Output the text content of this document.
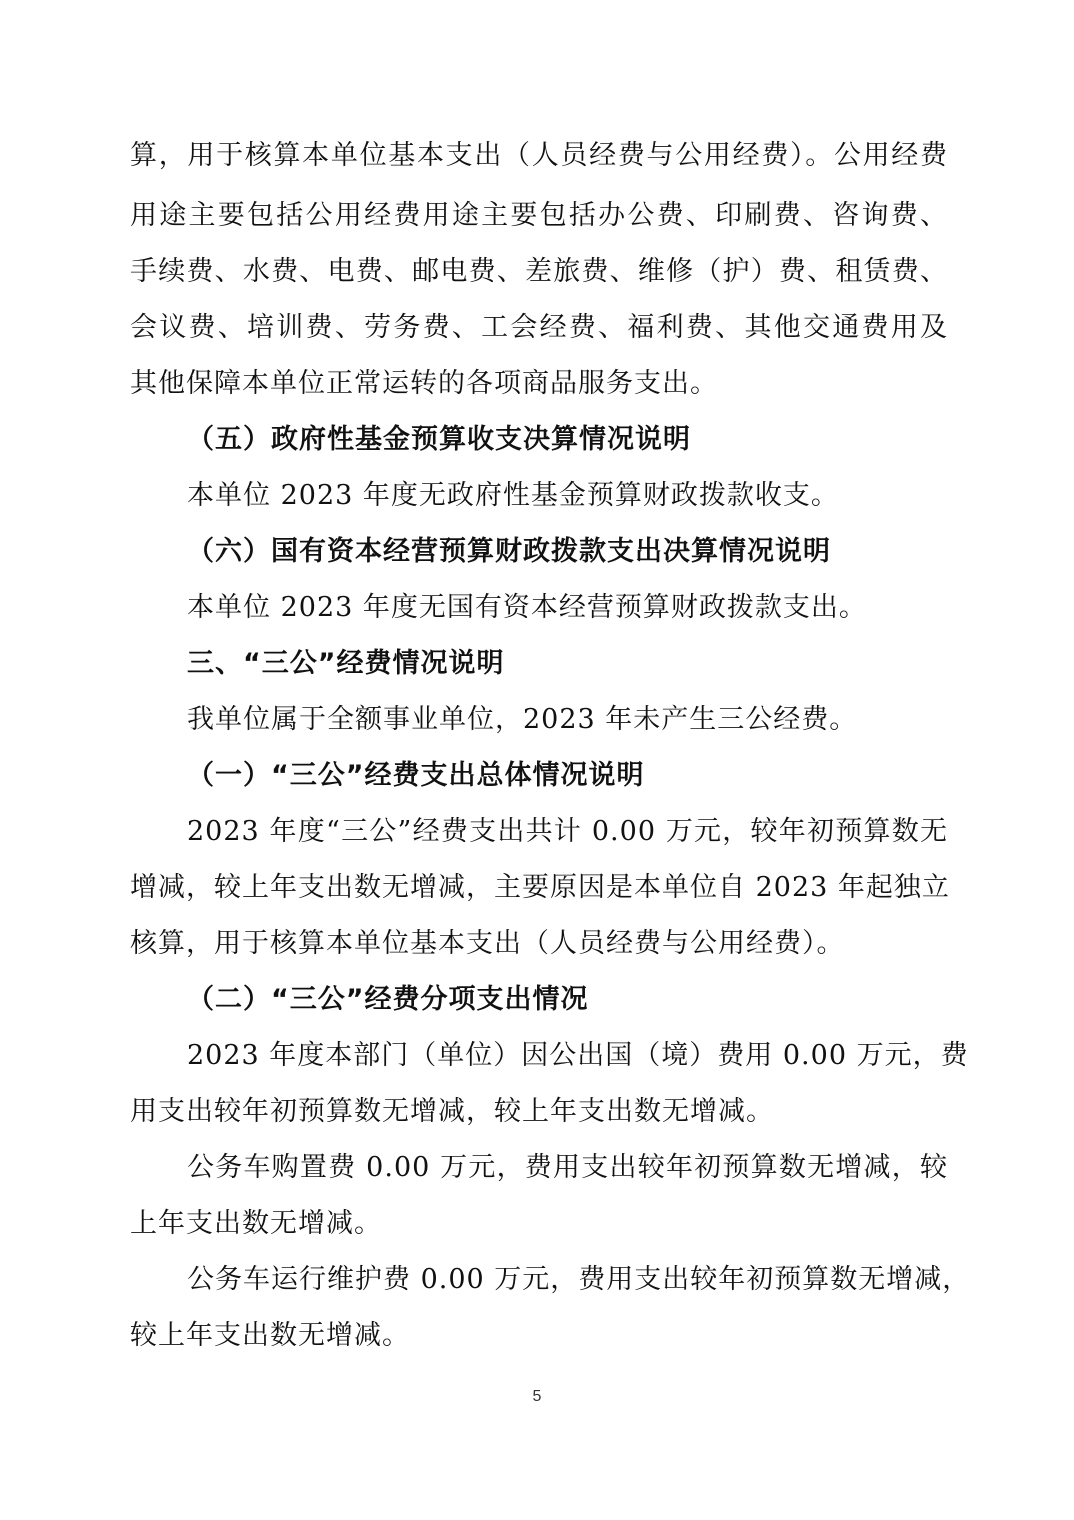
算，用于核算本单位基本支出（人员经费与公用经费）。公用经费
用途主要包括公用经费用途主要包括办公费、印刷费、咨询费、
手续费、水费、电费、邮电费、差旅费、维修（护）费、租赁费、
会议费、培训费、劳务费、工会经费、福利费、其他交通费用及
其他保障本单位正常运转的各项商品服务支出。
（五）政府性基金预算收支决算情况说明
本单位 2023 年度无政府性基金预算财政拨款收支。
（六）国有资本经营预算财政拨款支出决算情况说明
本单位 2023 年度无国有资本经营预算财政拨款支出。
三、“三公”经费情况说明
我单位属于全额事业单位，2023 年未产生三公经费。
（一）“三公”经费支出总体情况说明
2023 年度“三公”经费支出共计 0.00 万元，较年初预算数无
增减，较上年支出数无增减，主要原因是本单位自 2023 年起独立
核算，用于核算本单位基本支出（人员经费与公用经费）。
（二）“三公”经费分项支出情况
2023 年度本部门（单位）因公出国（境）费用 0.00 万元，费
用支出较年初预算数无增减，较上年支出数无增减。
公务车购置费 0.00 万元，费用支出较年初预算数无增减，较
上年支出数无增减。
公务车运行维护费 0.00 万元，费用支出较年初预算数无增减，
较上年支出数无增减。
5
